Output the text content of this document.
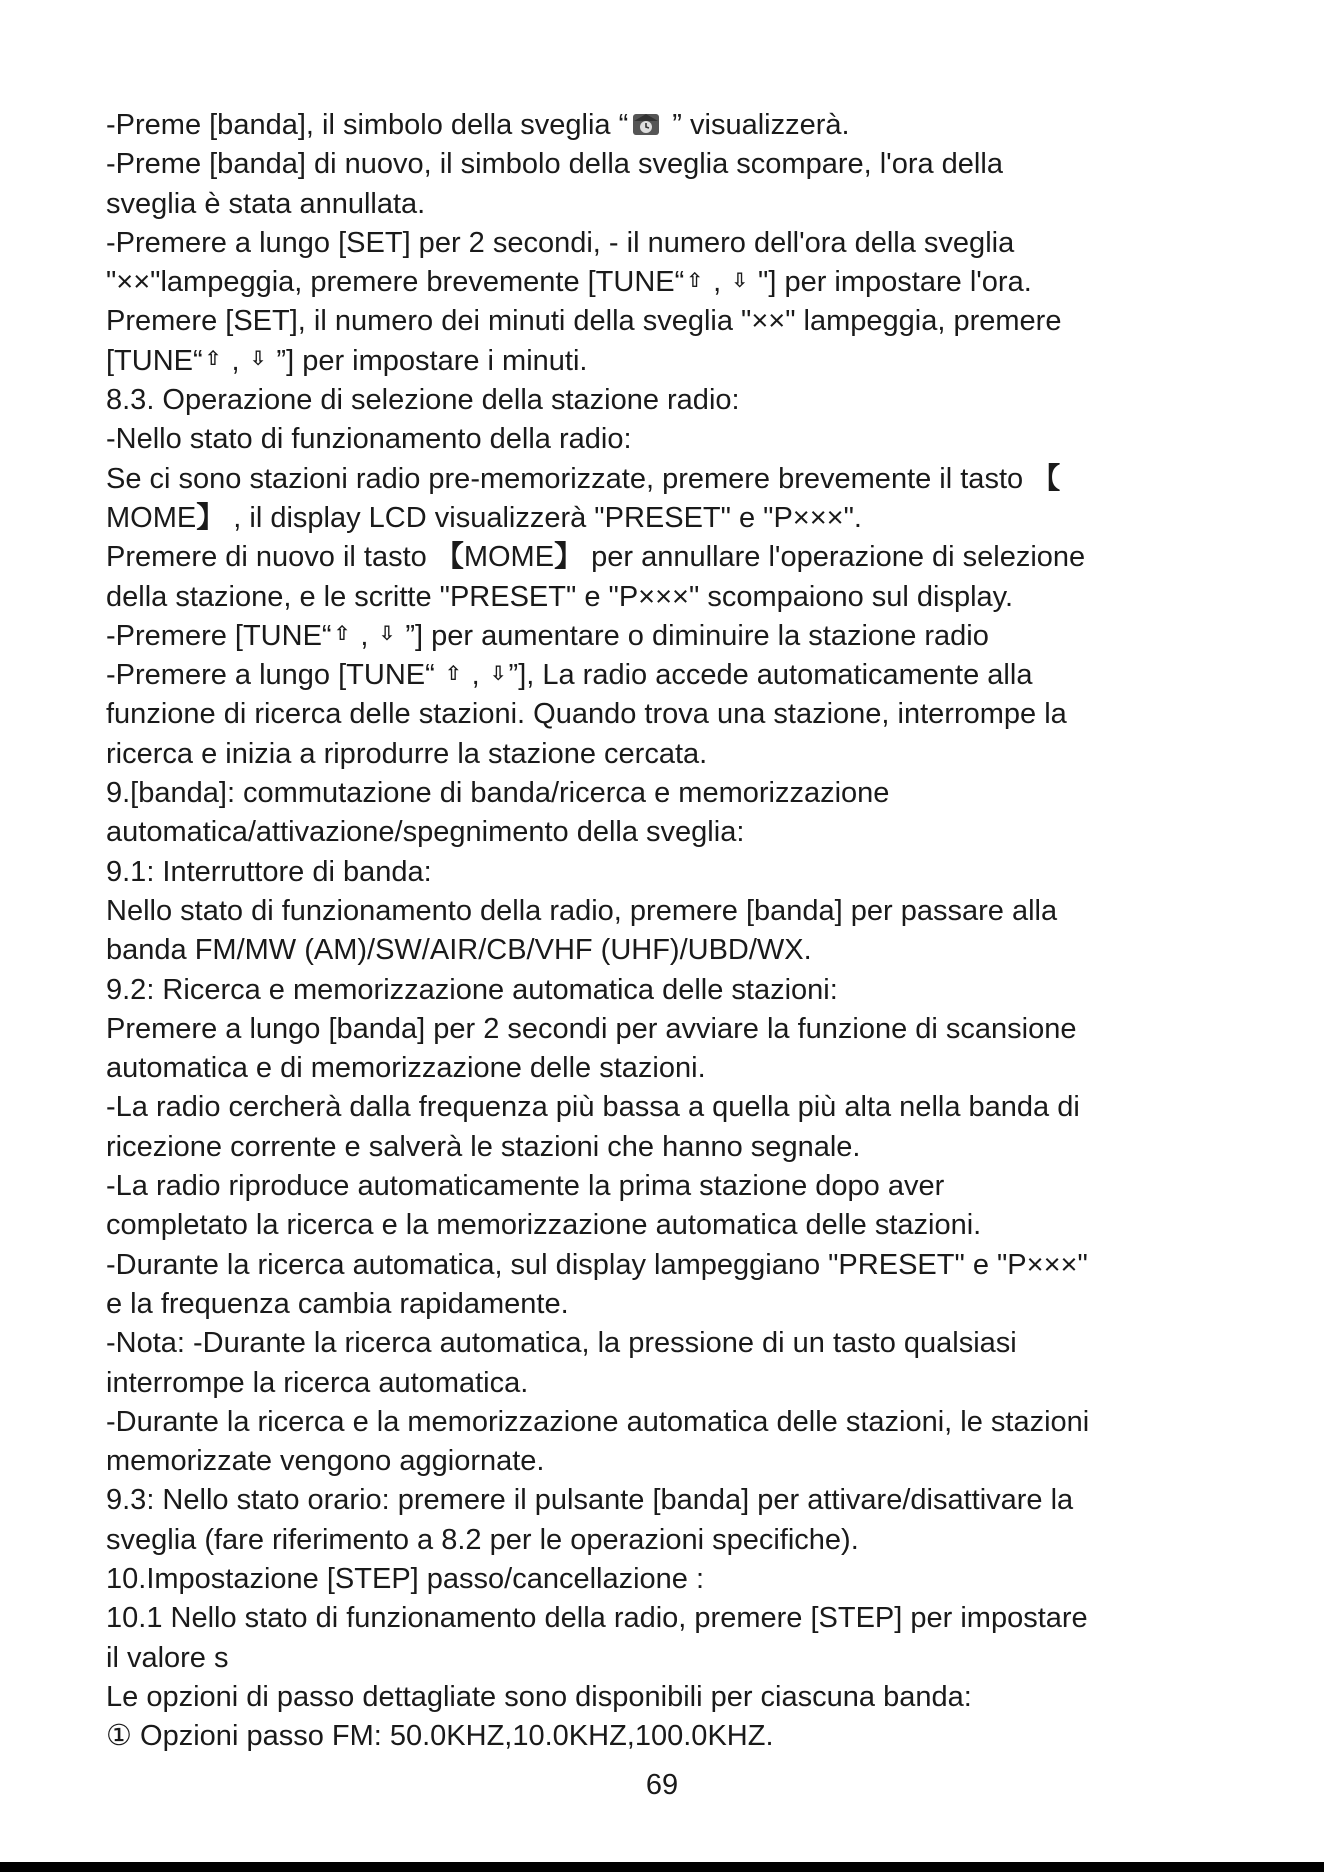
-Preme [banda], il simbolo della sveglia “ ” visualizzerà.
-Preme [banda] di nuovo, il simbolo della sveglia scompare, l'ora della
sveglia è stata annullata.
-Premere a lungo [SET] per 2 secondi, - il numero dell'ora della sveglia
"××"lampeggia, premere brevemente [TUNE“ ⇧ , ⇩ "] per impostare l'ora.
Premere [SET], il numero dei minuti della sveglia "××" lampeggia, premere
[TUNE“ ⇧ , ⇩ ”] per impostare i minuti.
8.3. Operazione di selezione della stazione radio:
-Nello stato di funzionamento della radio:
Se ci sono stazioni radio pre-memorizzate, premere brevemente il tasto 【
MOME】 , il display LCD visualizzerà "PRESET" e "P×××".
Premere di nuovo il tasto 【MOME】 per annullare l'operazione di selezione
della stazione, e le scritte "PRESET" e "P×××" scompaiono sul display.
-Premere [TUNE“ ⇧ , ⇩ ”] per aumentare o diminuire la stazione radio
-Premere a lungo [TUNE“ ⇧ , ⇩”], La radio accede automaticamente alla
funzione di ricerca delle stazioni. Quando trova una stazione, interrompe la
ricerca e inizia a riprodurre la stazione cercata.
9.[banda]: commutazione di banda/ricerca e memorizzazione
automatica/attivazione/spegnimento della sveglia:
9.1: Interruttore di banda:
Nello stato di funzionamento della radio, premere [banda] per passare alla
banda FM/MW (AM)/SW/AIR/CB/VHF (UHF)/UBD/WX.
9.2: Ricerca e memorizzazione automatica delle stazioni:
Premere a lungo [banda] per 2 secondi per avviare la funzione di scansione
automatica e di memorizzazione delle stazioni.
-La radio cercherà dalla frequenza più bassa a quella più alta nella banda di
ricezione corrente e salverà le stazioni che hanno segnale.
-La radio riproduce automaticamente la prima stazione dopo aver
completato la ricerca e la memorizzazione automatica delle stazioni.
-Durante la ricerca automatica, sul display lampeggiano "PRESET" e "P×××"
e la frequenza cambia rapidamente.
-Nota: -Durante la ricerca automatica, la pressione di un tasto qualsiasi
interrompe la ricerca automatica.
-Durante la ricerca e la memorizzazione automatica delle stazioni, le stazioni
memorizzate vengono aggiornate.
9.3: Nello stato orario: premere il pulsante [banda] per attivare/disattivare la
sveglia (fare riferimento a 8.2 per le operazioni specifiche).
10.Impostazione [STEP] passo/cancellazione :
10.1 Nello stato di funzionamento della radio, premere [STEP] per impostare
il valore s
Le opzioni di passo dettagliate sono disponibili per ciascuna banda:
① Opzioni passo FM: 50.0KHZ,10.0KHZ,100.0KHZ.
69
